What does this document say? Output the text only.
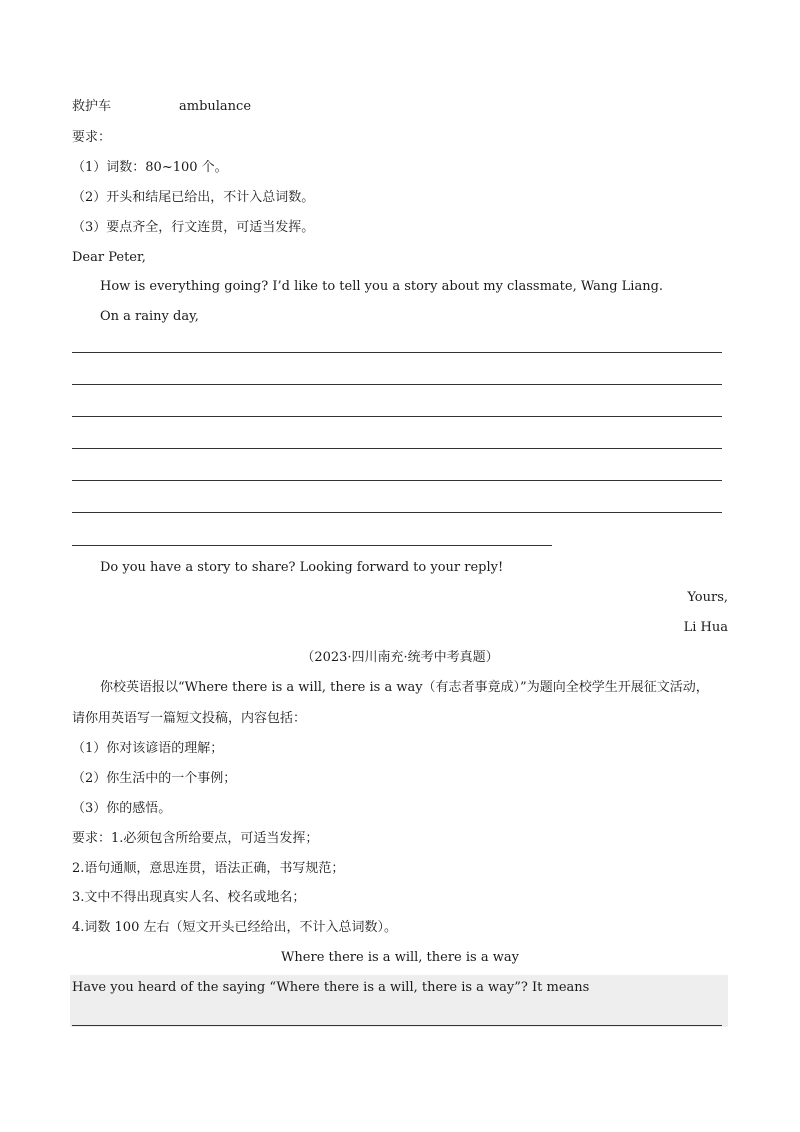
救护车	ambulance
要求：
（1）词数：80~100 个。
（2）开头和结尾已给出，不计入总词数。
（3）要点齐全，行文连贯，可适当发挥。
Dear Peter,
How is everything going? I’d like to tell you a story about my classmate, Wang Liang.
On a rainy day,
Do you have a story to share? Looking forward to your reply!
Yours,
Li Hua
（2023·四川南充·统考中考真题）
你校英语报以“Where there is a will, there is a way（有志者事竟成）”为题向全校学生开展征文活动，
请你用英语写一篇短文投稿，内容包括：
（1）你对该谚语的理解；
（2）你生活中的一个事例；
（3）你的感悟。
要求：1.必须包含所给要点，可适当发挥；
2.语句通顺，意思连贯，语法正确，书写规范；
3.文中不得出现真实人名、校名或地名；
4.词数 100 左右（短文开头已经给出，不计入总词数）。
Where there is a will, there is a way
Have you heard of the saying “Where there is a will, there is a way”? It means
